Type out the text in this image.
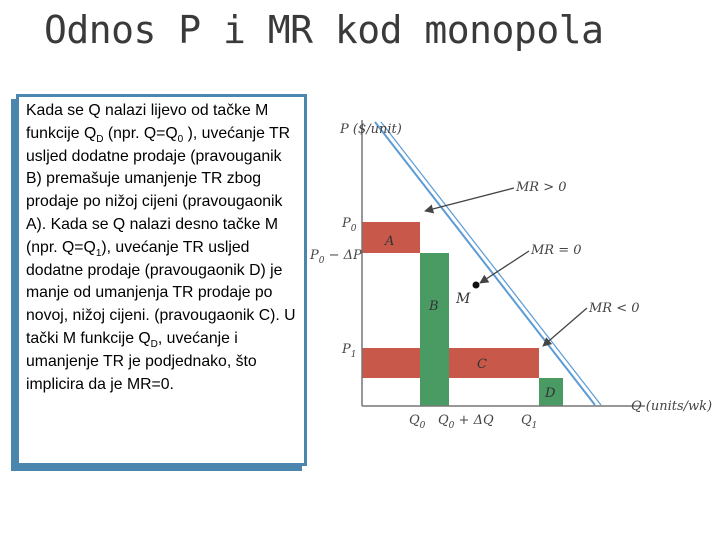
Odnos P i MR kod monopola
Kada se Q nalazi lijevo od tačke M funkcije $Q_D$ (npr. $Q=Q_0$ ), uvećanje TR usljed dodatne prodaje (pravouganik B) premašuje umanjenje TR zbog prodaje po nižoj cijeni (pravougaonik A). Kada se Q nalazi desno tačke M (npr. $Q=Q_1$), uvećanje TR usljed dodatne prodaje (pravougaonik D) je manje od umanjenja TR prodaje po novoj, nižoj cijeni. (pravougaonik C). U tački M funkcije $Q_D$, uvećanje i umanjenje TR je podjednako, što implicira da je MR=0.
P ($/unit)
Q (units/wk)
$P_0$
$P_0 - \Delta P$
$P_1$
$Q_0$ $Q_0 + \Delta Q$ $Q_1$
A
B
C
D
M
MR > 0
MR = 0
MR < 0
